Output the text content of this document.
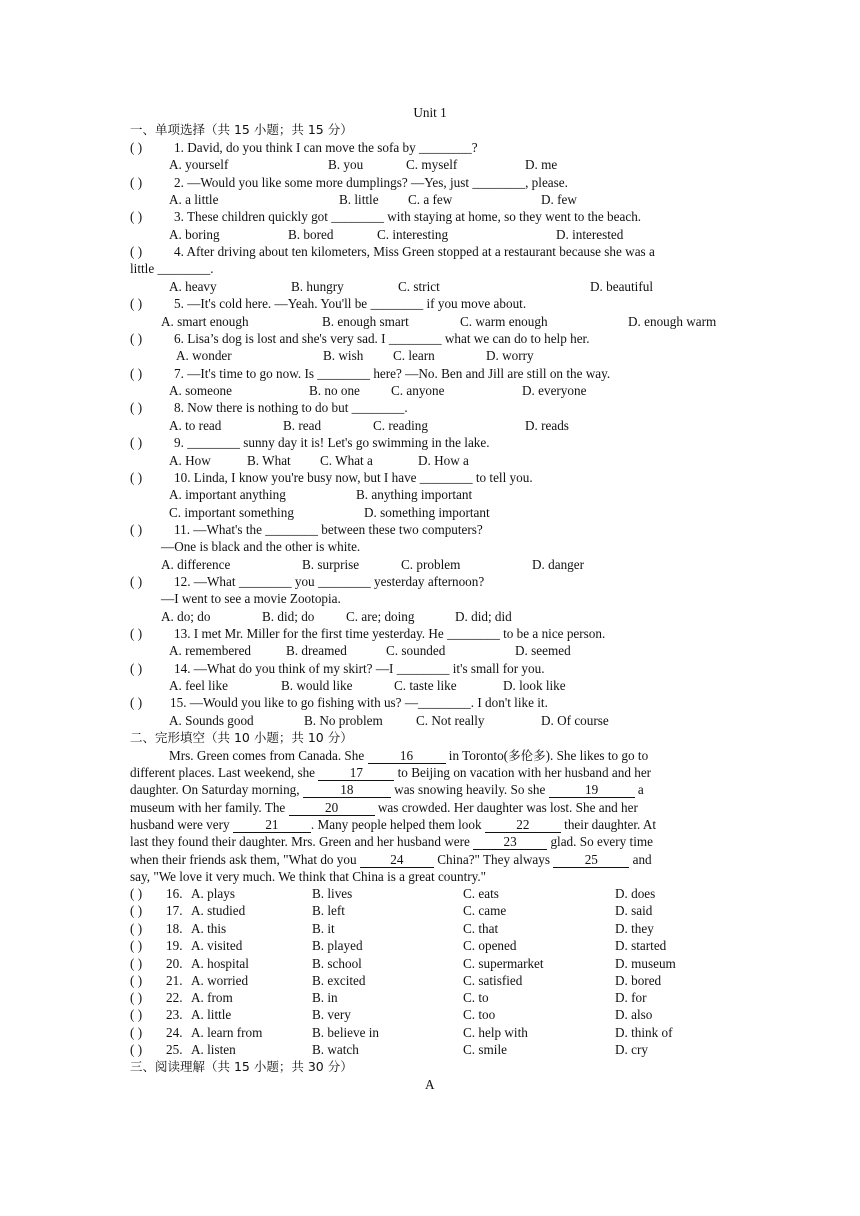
Unit 1
一、单项选择（共 15 小题；共 15 分）
( ) 1. David, do you think I can move the sofa by ________?
A. yourself	B. you	C. myself	D. me
( ) 2. —Would you like some more dumplings? —Yes, just ________, please.
A. a little	B. little C. a few	D. few
( ) 3. These children quickly got ________ with staying at home, so they went to the beach.
A. boring	B. bored	C. interesting	D. interested
( ) 4. After driving about ten kilometers, Miss Green stopped at a restaurant because she was a
little ________.
A. heavy	B. hungry	C. strict	D. beautiful
( ) 5. —It's cold here. —Yeah. You'll be ________ if you move about.
A. smart enough	B. enough smart	C. warm enough	D. enough warm
( ) 6. Lisa’s dog is lost and she's very sad. I ________ what we can do to help her.
A. wonder	B. wish C. learn	D. worry
( ) 7. —It's time to go now. Is ________ here? —No. Ben and Jill are still on the way.
A. someone	B. no one C. anyone	D. everyone
( ) 8. Now there is nothing to do but ________.
A. to read	B. read	C. reading	D. reads
( ) 9. ________ sunny day it is! Let's go swimming in the lake.
A. How	B. What C. What a	D. How a
( ) 10. Linda, I know you're busy now, but I have ________ to tell you.
A. important anything	B. anything important
C. important something	D. something important
( ) 11. —What's the ________ between these two computers?
—One is black and the other is white.
A. difference	B. surprise	C. problem	D. danger
( ) 12. —What ________ you ________ yesterday afternoon?
—I went to see a movie Zootopia.
A. do; do	B. did; do C. are; doing	D. did; did
( ) 13. I met Mr. Miller for the first time yesterday. He ________ to be a nice person.
A. remembered	B. dreamed	C. sounded	D. seemed
( ) 14. —What do you think of my skirt? —I ________ it's small for you.
A. feel like	B. would like	C. taste like	D. look like
( ) 15. —Would you like to go fishing with us? —________. I don't like it.
A. Sounds good	B. No problem	C. Not really	D. Of course
二、完形填空（共 10 小题；共 10 分）
Mrs. Green comes from Canada. She	16	in Toronto(多伦多). She likes to go to
different places. Last weekend, she	17	to Beijing on vacation with her husband and her
daughter. On Saturday morning,	18	was snowing heavily. So she	19	a
museum with her family. The	20	was crowded. Her daughter was lost. She and her
husband were very	21 . Many people helped them look	22	their daughter. At
last they found their daughter. Mrs. Green and her husband were	23	glad. So every time
when their friends ask them, "What do you	24	China?" They always	25	and
say, "We love it very much. We think that China is a great country."
( ) 16. A. plays	B. lives	C. eats	D. does
( ) 17. A. studied	B. left	C. came	D. said
( ) 18. A. this	B. it	C. that	D. they
( ) 19. A. visited	B. played	C. opened	D. started
( ) 20. A. hospital	B. school	C. supermarket	D. museum
( ) 21. A. worried	B. excited	C. satisfied	D. bored
( ) 22. A. from	B. in	C. to	D. for
( ) 23. A. little	B. very	C. too	D. also
( ) 24. A. learn from	B. believe in	C. help with	D. think of
( ) 25. A. listen	B. watch	C. smile	D. cry
三、阅读理解（共 15 小题；共 30 分）
A
